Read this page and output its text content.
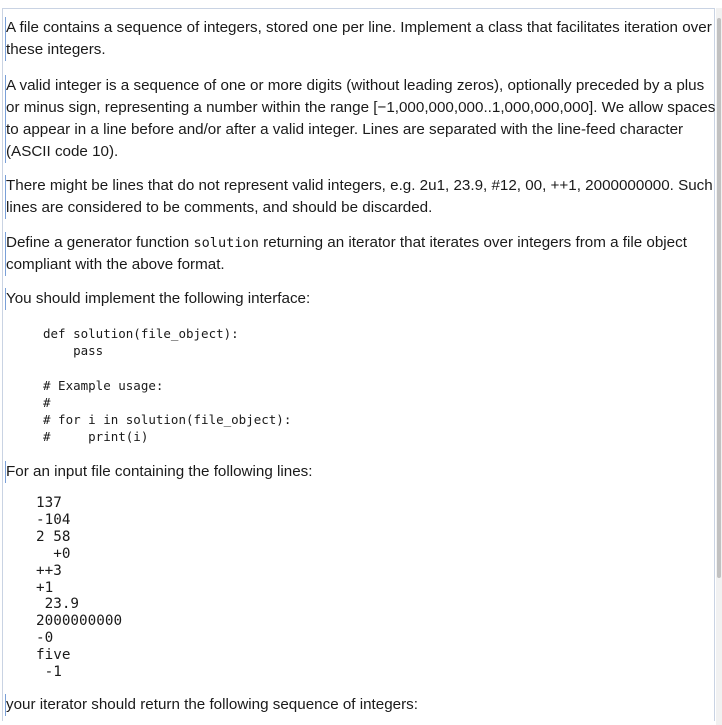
A file contains a sequence of integers, stored one per line. Implement a class that facilitates iteration over these integers.

A valid integer is a sequence of one or more digits (without leading zeros), optionally preceded by a plus or minus sign, representing a number within the range [−1,000,000,000..1,000,000,000]. We allow spaces to appear in a line before and/or after a valid integer. Lines are separated with the line-feed character (ASCII code 10).

There might be lines that do not represent valid integers, e.g. 2u1, 23.9, #12, 00, ++1, 2000000000. Such lines are considered to be comments, and should be discarded.

Define a generator function solution returning an iterator that iterates over integers from a file object compliant with the above format.

You should implement the following interface:

def solution(file_object):
pass

# Example usage:
#
# for i in solution(file_object):
#     print(i)

For an input file containing the following lines:

137
-104
2 58
+0
++3
+1
23.9
2000000000
-0
five
-1

your iterator should return the following sequence of integers:
